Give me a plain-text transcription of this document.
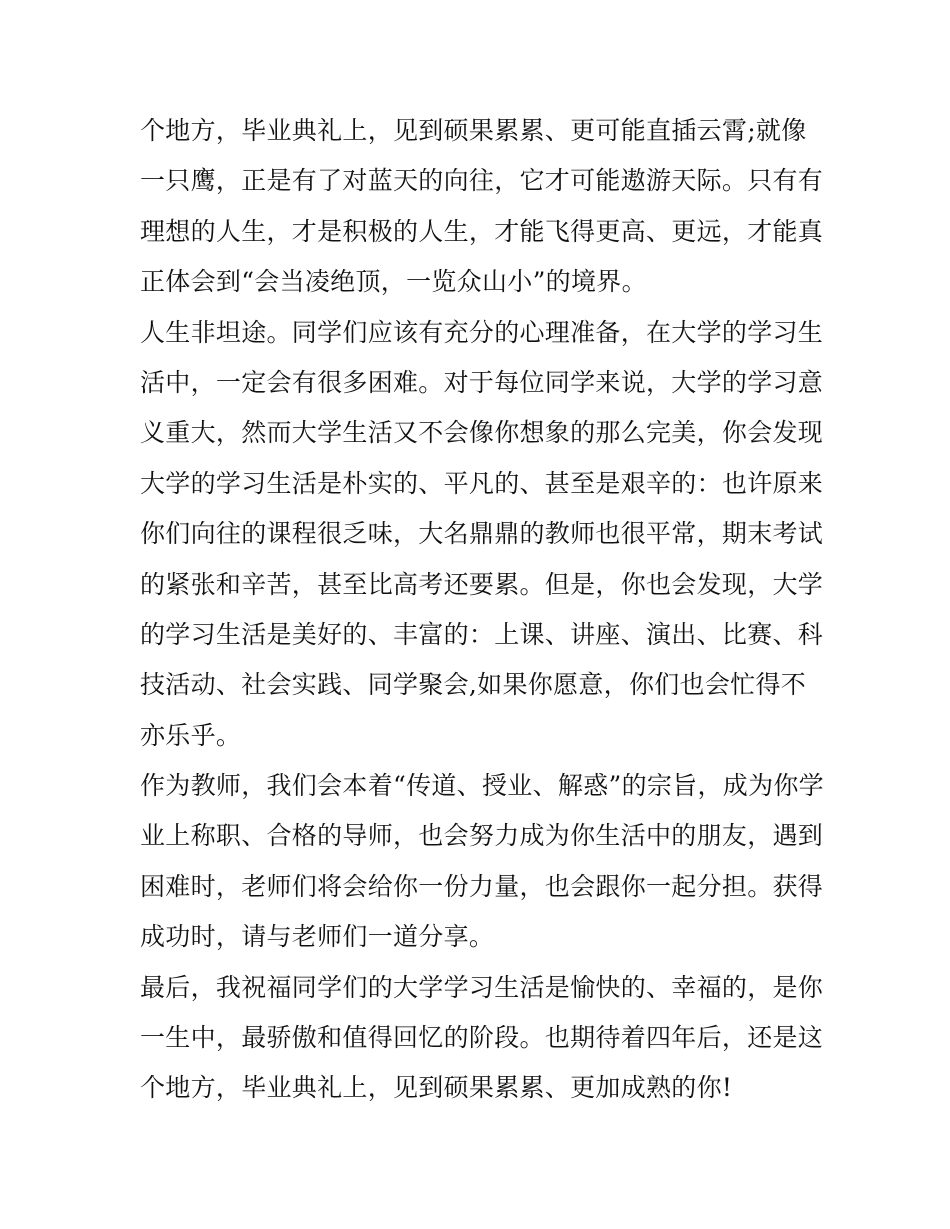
个地方，毕业典礼上，见到硕果累累、更可能直插云霄;就像
一只鹰，正是有了对蓝天的向往，它才可能遨游天际。只有有
理想的人生，才是积极的人生，才能飞得更高、更远，才能真
正体会到“会当凌绝顶，一览众山小”的境界。
人生非坦途。同学们应该有充分的心理准备，在大学的学习生
活中，一定会有很多困难。对于每位同学来说，大学的学习意
义重大，然而大学生活又不会像你想象的那么完美，你会发现
大学的学习生活是朴实的、平凡的、甚至是艰辛的：也许原来
你们向往的课程很乏味，大名鼎鼎的教师也很平常，期末考试
的紧张和辛苦，甚至比高考还要累。但是，你也会发现，大学
的学习生活是美好的、丰富的：上课、讲座、演出、比赛、科
技活动、社会实践、同学聚会,如果你愿意，你们也会忙得不
亦乐乎。
作为教师，我们会本着“传道、授业、解惑”的宗旨，成为你学
业上称职、合格的导师，也会努力成为你生活中的朋友，遇到
困难时，老师们将会给你一份力量，也会跟你一起分担。获得
成功时，请与老师们一道分享。
最后，我祝福同学们的大学学习生活是愉快的、幸福的，是你
一生中，最骄傲和值得回忆的阶段。也期待着四年后，还是这
个地方，毕业典礼上，见到硕果累累、更加成熟的你!
